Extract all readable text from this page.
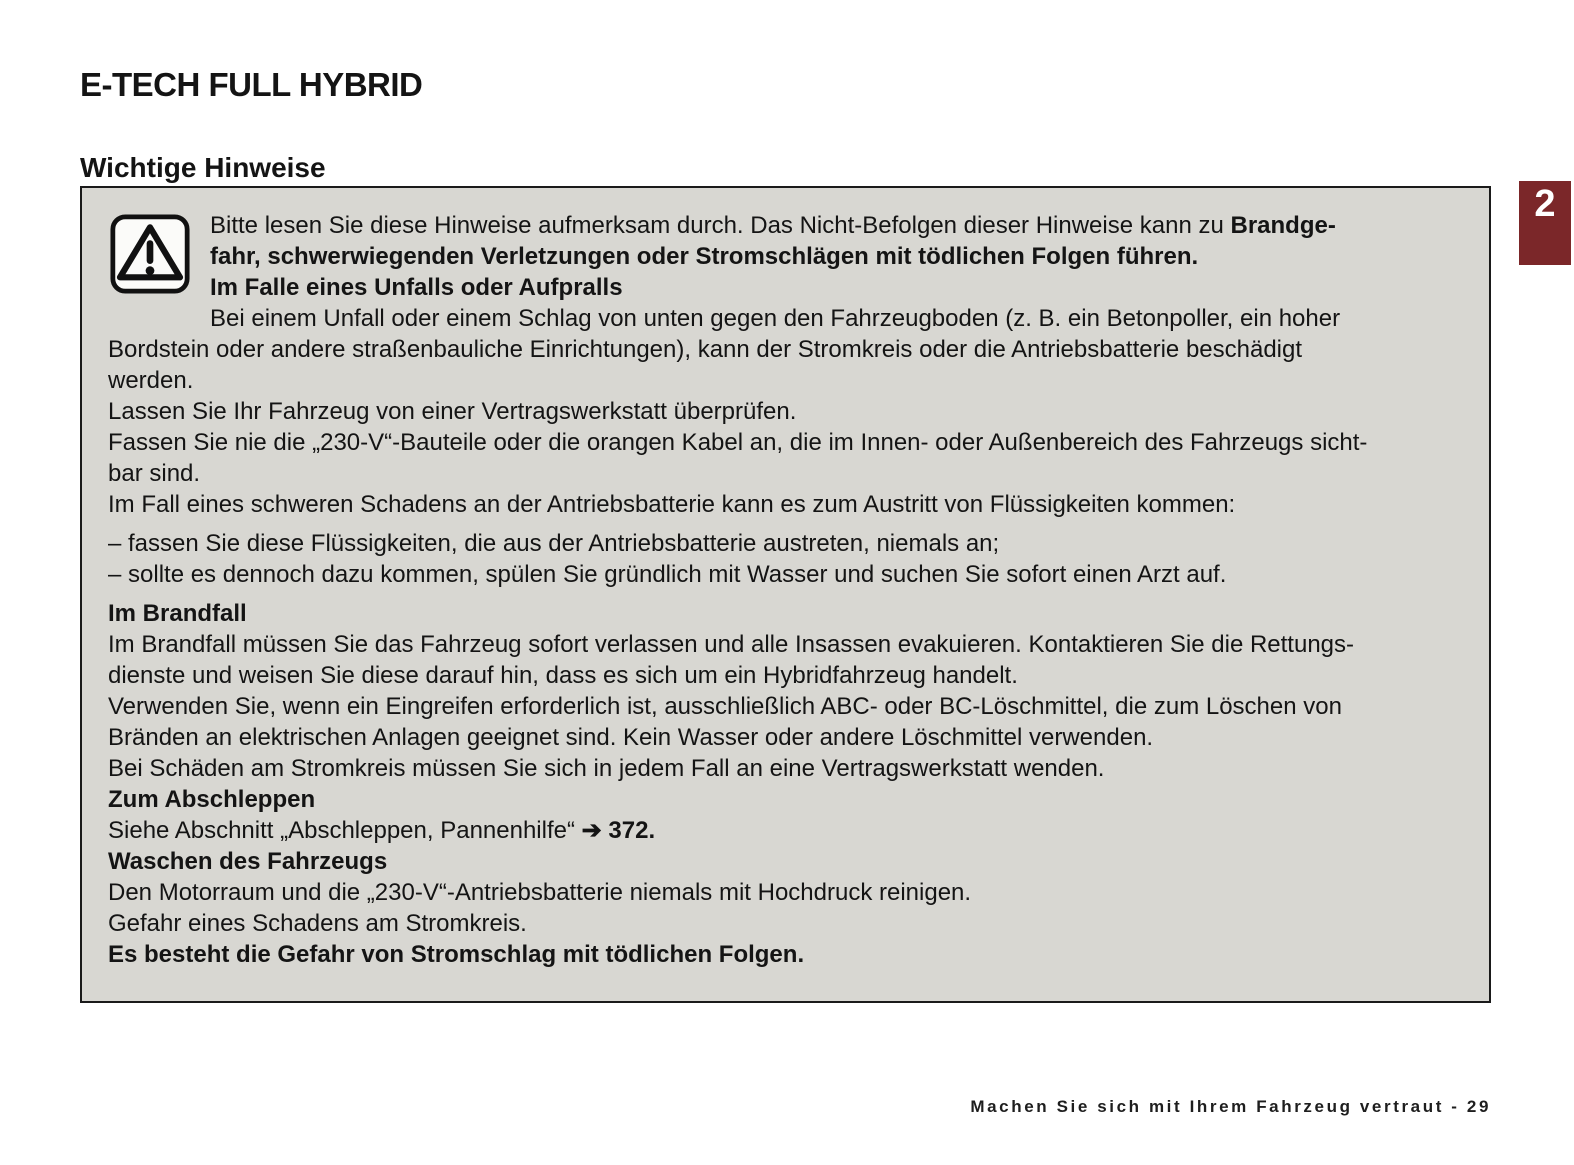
E-TECH FULL HYBRID
Wichtige Hinweise
2
Bitte lesen Sie diese Hinweise aufmerksam durch. Das Nicht-Befolgen dieser Hinweise kann zu Brandge-
fahr, schwerwiegenden Verletzungen oder Stromschlägen mit tödlichen Folgen führen.
Im Falle eines Unfalls oder Aufpralls
Bei einem Unfall oder einem Schlag von unten gegen den Fahrzeugboden (z. B. ein Betonpoller, ein hoher
Bordstein oder andere straßenbauliche Einrichtungen), kann der Stromkreis oder die Antriebsbatterie beschädigt
werden.
Lassen Sie Ihr Fahrzeug von einer Vertragswerkstatt überprüfen.
Fassen Sie nie die „230-V“-Bauteile oder die orangen Kabel an, die im Innen- oder Außenbereich des Fahrzeugs sicht-
bar sind.
Im Fall eines schweren Schadens an der Antriebsbatterie kann es zum Austritt von Flüssigkeiten kommen:
– fassen Sie diese Flüssigkeiten, die aus der Antriebsbatterie austreten, niemals an;
– sollte es dennoch dazu kommen, spülen Sie gründlich mit Wasser und suchen Sie sofort einen Arzt auf.
Im Brandfall
Im Brandfall müssen Sie das Fahrzeug sofort verlassen und alle Insassen evakuieren. Kontaktieren Sie die Rettungs-
dienste und weisen Sie diese darauf hin, dass es sich um ein Hybridfahrzeug handelt.
Verwenden Sie, wenn ein Eingreifen erforderlich ist, ausschließlich ABC- oder BC-Löschmittel, die zum Löschen von
Bränden an elektrischen Anlagen geeignet sind. Kein Wasser oder andere Löschmittel verwenden.
Bei Schäden am Stromkreis müssen Sie sich in jedem Fall an eine Vertragswerkstatt wenden.
Zum Abschleppen
Siehe Abschnitt „Abschleppen, Pannenhilfe“ ➔ 372.
Waschen des Fahrzeugs
Den Motorraum und die „230-V“-Antriebsbatterie niemals mit Hochdruck reinigen.
Gefahr eines Schadens am Stromkreis.
Es besteht die Gefahr von Stromschlag mit tödlichen Folgen.
Machen Sie sich mit Ihrem Fahrzeug vertraut - 29
